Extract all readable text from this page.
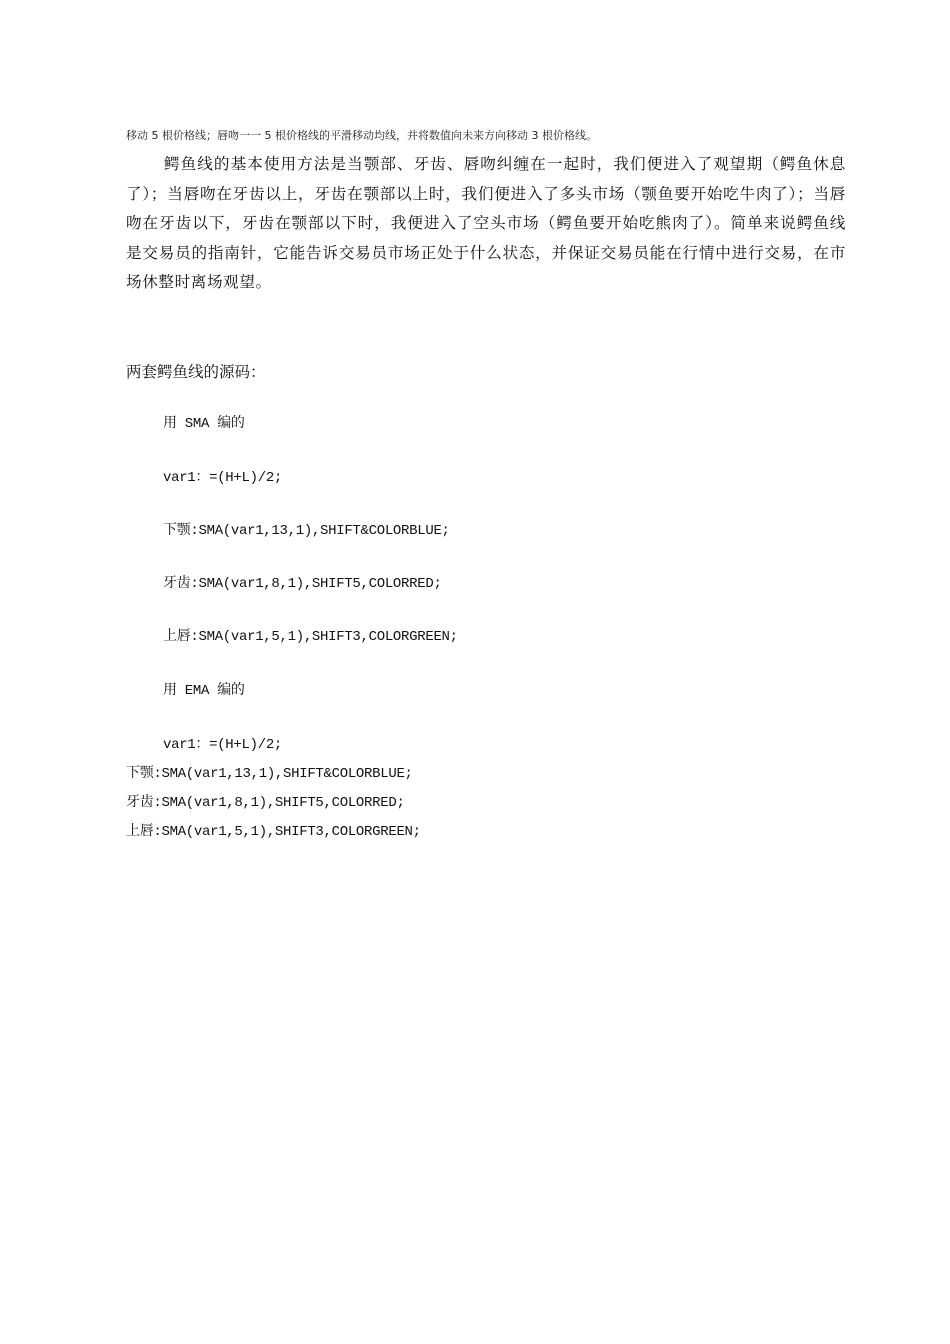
移动 5 根价格线；唇吻一一 5 根价格线的平滑移动均线，并将数值向未来方向移动 3 根价格线。

鳄鱼线的基本使用方法是当颚部、牙齿、唇吻纠缠在一起时，我们便进入了观望期（鳄鱼休息了）；当唇吻在牙齿以上，牙齿在颚部以上时，我们便进入了多头市场（颚鱼要开始吃牛肉了）；当唇吻在牙齿以下，牙齿在颚部以下时，我便进入了空头市场（鳄鱼要开始吃熊肉了）。简单来说鳄鱼线是交易员的指南针，它能告诉交易员市场正处于什么状态，并保证交易员能在行情中进行交易，在市场休整时离场观望。

两套鳄鱼线的源码：
用 SMA 编的
var1：=(H+L)/2;
下颚:SMA(var1,13,1),SHIFT&COLORBLUE;
牙齿:SMA(var1,8,1),SHIFT5,COLORRED;
上唇:SMA(var1,5,1),SHIFT3,COLORGREEN;
用 EMA 编的
var1：=(H+L)/2;
下颚:SMA(var1,13,1),SHIFT&COLORBLUE;
牙齿:SMA(var1,8,1),SHIFT5,COLORRED;
上唇:SMA(var1,5,1),SHIFT3,COLORGREEN;
